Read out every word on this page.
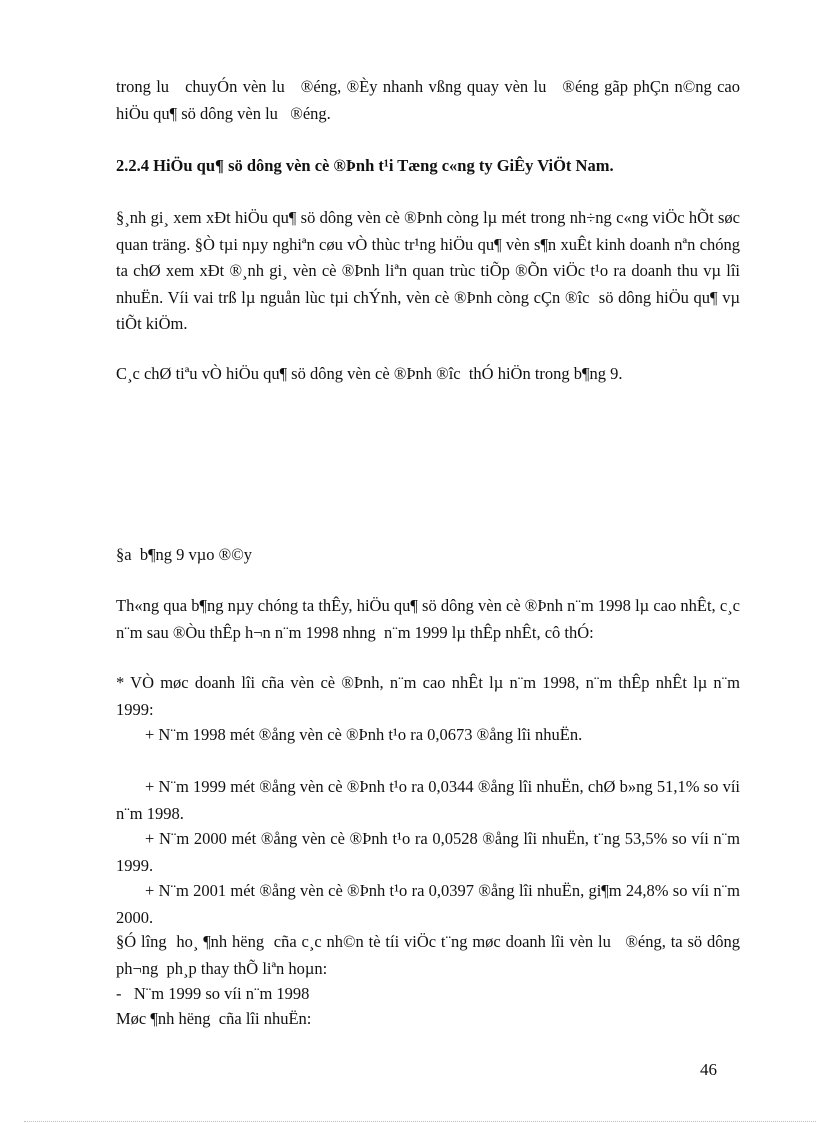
trong lu   chuyÓn vèn lu   ®éng, ®Èy nhanh vßng quay vèn lu   ®éng gãp phÇn n©ng cao hiÖu qu¶ sö dông vèn lu   ®éng.

2.2.4 HiÖu qu¶ sö dông vèn cè ®Þnh t¹i Tæng c«ng ty GiÊy ViÖt Nam.

§¸nh gi¸ xem xÐt hiÖu qu¶ sö dông vèn cè ®Þnh còng lµ mét trong nh÷ng c«ng viÖc hÕt søc quan träng. §Ò tµi nµy nghiªn cøu vÒ thùc tr¹ng hiÖu qu¶ vèn s¶n xuÊt kinh doanh nªn chóng ta chØ xem xÐt ®¸nh gi¸ vèn cè ®Þnh liªn quan trùc tiÕp ®Õn viÖc t¹o ra doanh thu vµ lîi nhuËn. Víi vai trß lµ nguån lùc tµi chÝnh, vèn cè ®Þnh còng cÇn ®îc  sö dông hiÖu qu¶ vµ tiÕt kiÖm.

C¸c chØ tiªu vÒ hiÖu qu¶ sö dông vèn cè ®Þnh ®îc  thÓ hiÖn trong b¶ng 9.

§a  b¶ng 9 vµo ®©y

Th«ng qua b¶ng nµy chóng ta thÊy, hiÖu qu¶ sö dông vèn cè ®Þnh n¨m 1998 lµ cao nhÊt, c¸c n¨m sau ®Òu thÊp h¬n n¨m 1998 nhng  n¨m 1999 lµ thÊp nhÊt, cô thÓ:

* VÒ møc doanh lîi cña vèn cè ®Þnh, n¨m cao nhÊt lµ n¨m 1998, n¨m thÊp nhÊt lµ n¨m 1999:

+ N¨m 1998 mét ®ång vèn cè ®Þnh t¹o ra 0,0673 ®ång lîi nhuËn.

+ N¨m 1999 mét ®ång vèn cè ®Þnh t¹o ra 0,0344 ®ång lîi nhuËn, chØ b»ng 51,1% so víi n¨m 1998.

+ N¨m 2000 mét ®ång vèn cè ®Þnh t¹o ra 0,0528 ®ång lîi nhuËn, t¨ng 53,5% so víi n¨m 1999.

+ N¨m 2001 mét ®ång vèn cè ®Þnh t¹o ra 0,0397 ®ång lîi nhuËn, gi¶m 24,8% so víi n¨m 2000.

§Ó lîng  ho¸ ¶nh hëng  cña c¸c nh©n tè tíi viÖc t¨ng møc doanh lîi vèn lu   ®éng, ta sö dông ph¬ng  ph¸p thay thÕ liªn hoµn:

-   N¨m 1999 so víi n¨m 1998

Møc ¶nh hëng  cña lîi nhuËn:

46
